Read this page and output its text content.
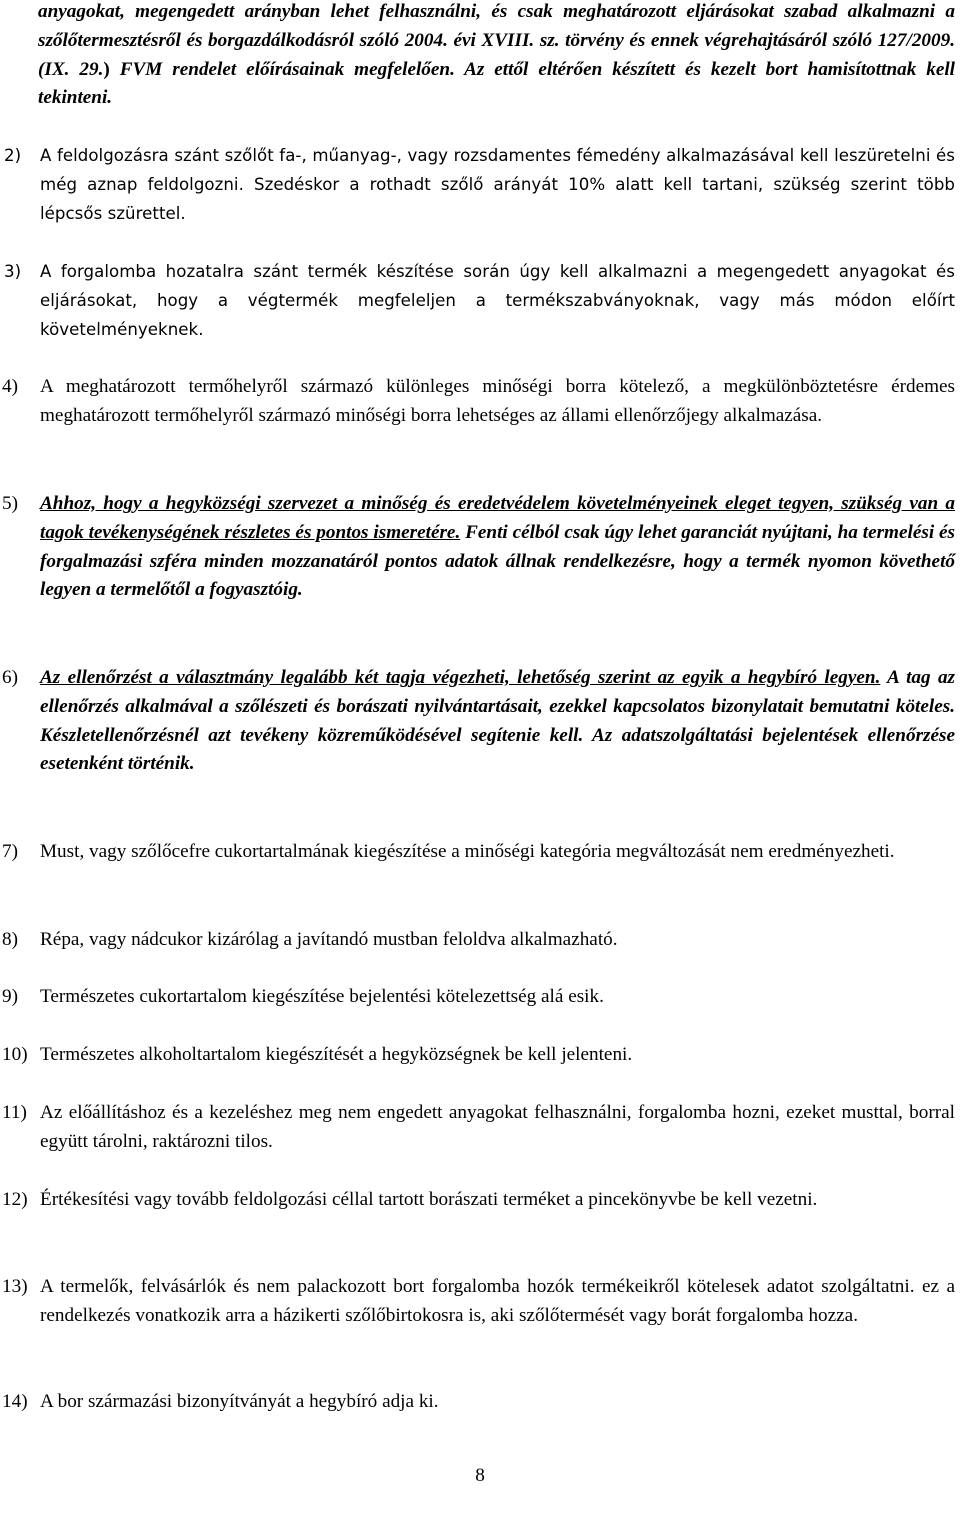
anyagokat, megengedett arányban lehet felhasználni, és csak meghatározott eljárásokat szabad alkalmazni a szőlőtermesztésről és borgazdálkodásról szóló 2004. évi XVIII. sz. törvény és ennek végrehajtásáról szóló 127/2009. (IX. 29.) FVM rendelet előírásainak megfelelően. Az ettől eltérően készített és kezelt bort hamisítottnak kell tekinteni.

2)	A feldolgozásra szánt szőlőt fa-, műanyag-, vagy rozsdamentes fémedény alkalmazásával kell leszüretelni és még aznap feldolgozni. Szedéskor a rothadt szőlő arányát 10% alatt kell tartani, szükség szerint több lépcsős szürettel.
3)	A forgalomba hozatalra szánt termék készítése során úgy kell alkalmazni a megengedett anyagokat és eljárásokat, hogy a végtermék megfeleljen a termékszabványoknak, vagy más módon előírt követelményeknek.
4)	A meghatározott termőhelyről származó különleges minőségi borra kötelező, a megkülönböztetésre érdemes meghatározott termőhelyről származó minőségi borra lehetséges az állami ellenőrzőjegy alkalmazása.
5)	Ahhoz, hogy a hegyközségi szervezet a minőség és eredetvédelem követelményeinek eleget tegyen, szükség van a tagok tevékenységének részletes és pontos ismeretére. Fenti célból csak úgy lehet garanciát nyújtani, ha termelési és forgalmazási szféra minden mozzanatáról pontos adatok állnak rendelkezésre, hogy a termék nyomon követhető legyen a termelőtől a fogyasztóig.
6)	Az ellenőrzést a választmány legalább két tagja végezheti, lehetőség szerint az egyik a hegybíró legyen. A tag az ellenőrzés alkalmával a szőlészeti és borászati nyilvántartásait, ezekkel kapcsolatos bizonylatait bemutatni köteles. Készletellenőrzésnél azt tevékeny közreműködésével segítenie kell. Az adatszolgáltatási bejelentések ellenőrzése esetenként történik.
7)	Must, vagy szőlőcefre cukortartalmának kiegészítése a minőségi kategória megváltozását nem eredményezheti.
8)	Répa, vagy nádcukor kizárólag a javítandó mustban feloldva alkalmazható.
9)	Természetes cukortartalom kiegészítése bejelentési kötelezettség alá esik.
10) Természetes alkoholtartalom kiegészítését a hegyközségnek be kell jelenteni.
11) Az előállításhoz és a kezeléshez meg nem engedett anyagokat felhasználni, forgalomba hozni, ezeket musttal, borral együtt tárolni, raktározni tilos.
12) Értékesítési vagy tovább feldolgozási céllal tartott borászati terméket a pincekönyvbe be kell vezetni.
13) A termelők, felvásárlók és nem palackozott bort forgalomba hozók termékeikről kötelesek adatot szolgáltatni. ez a rendelkezés vonatkozik arra a házikerti szőlőbirtokosra is, aki szőlőtermését vagy borát forgalomba hozza.
14) A bor származási bizonyítványát a hegybíró adja ki.
8
